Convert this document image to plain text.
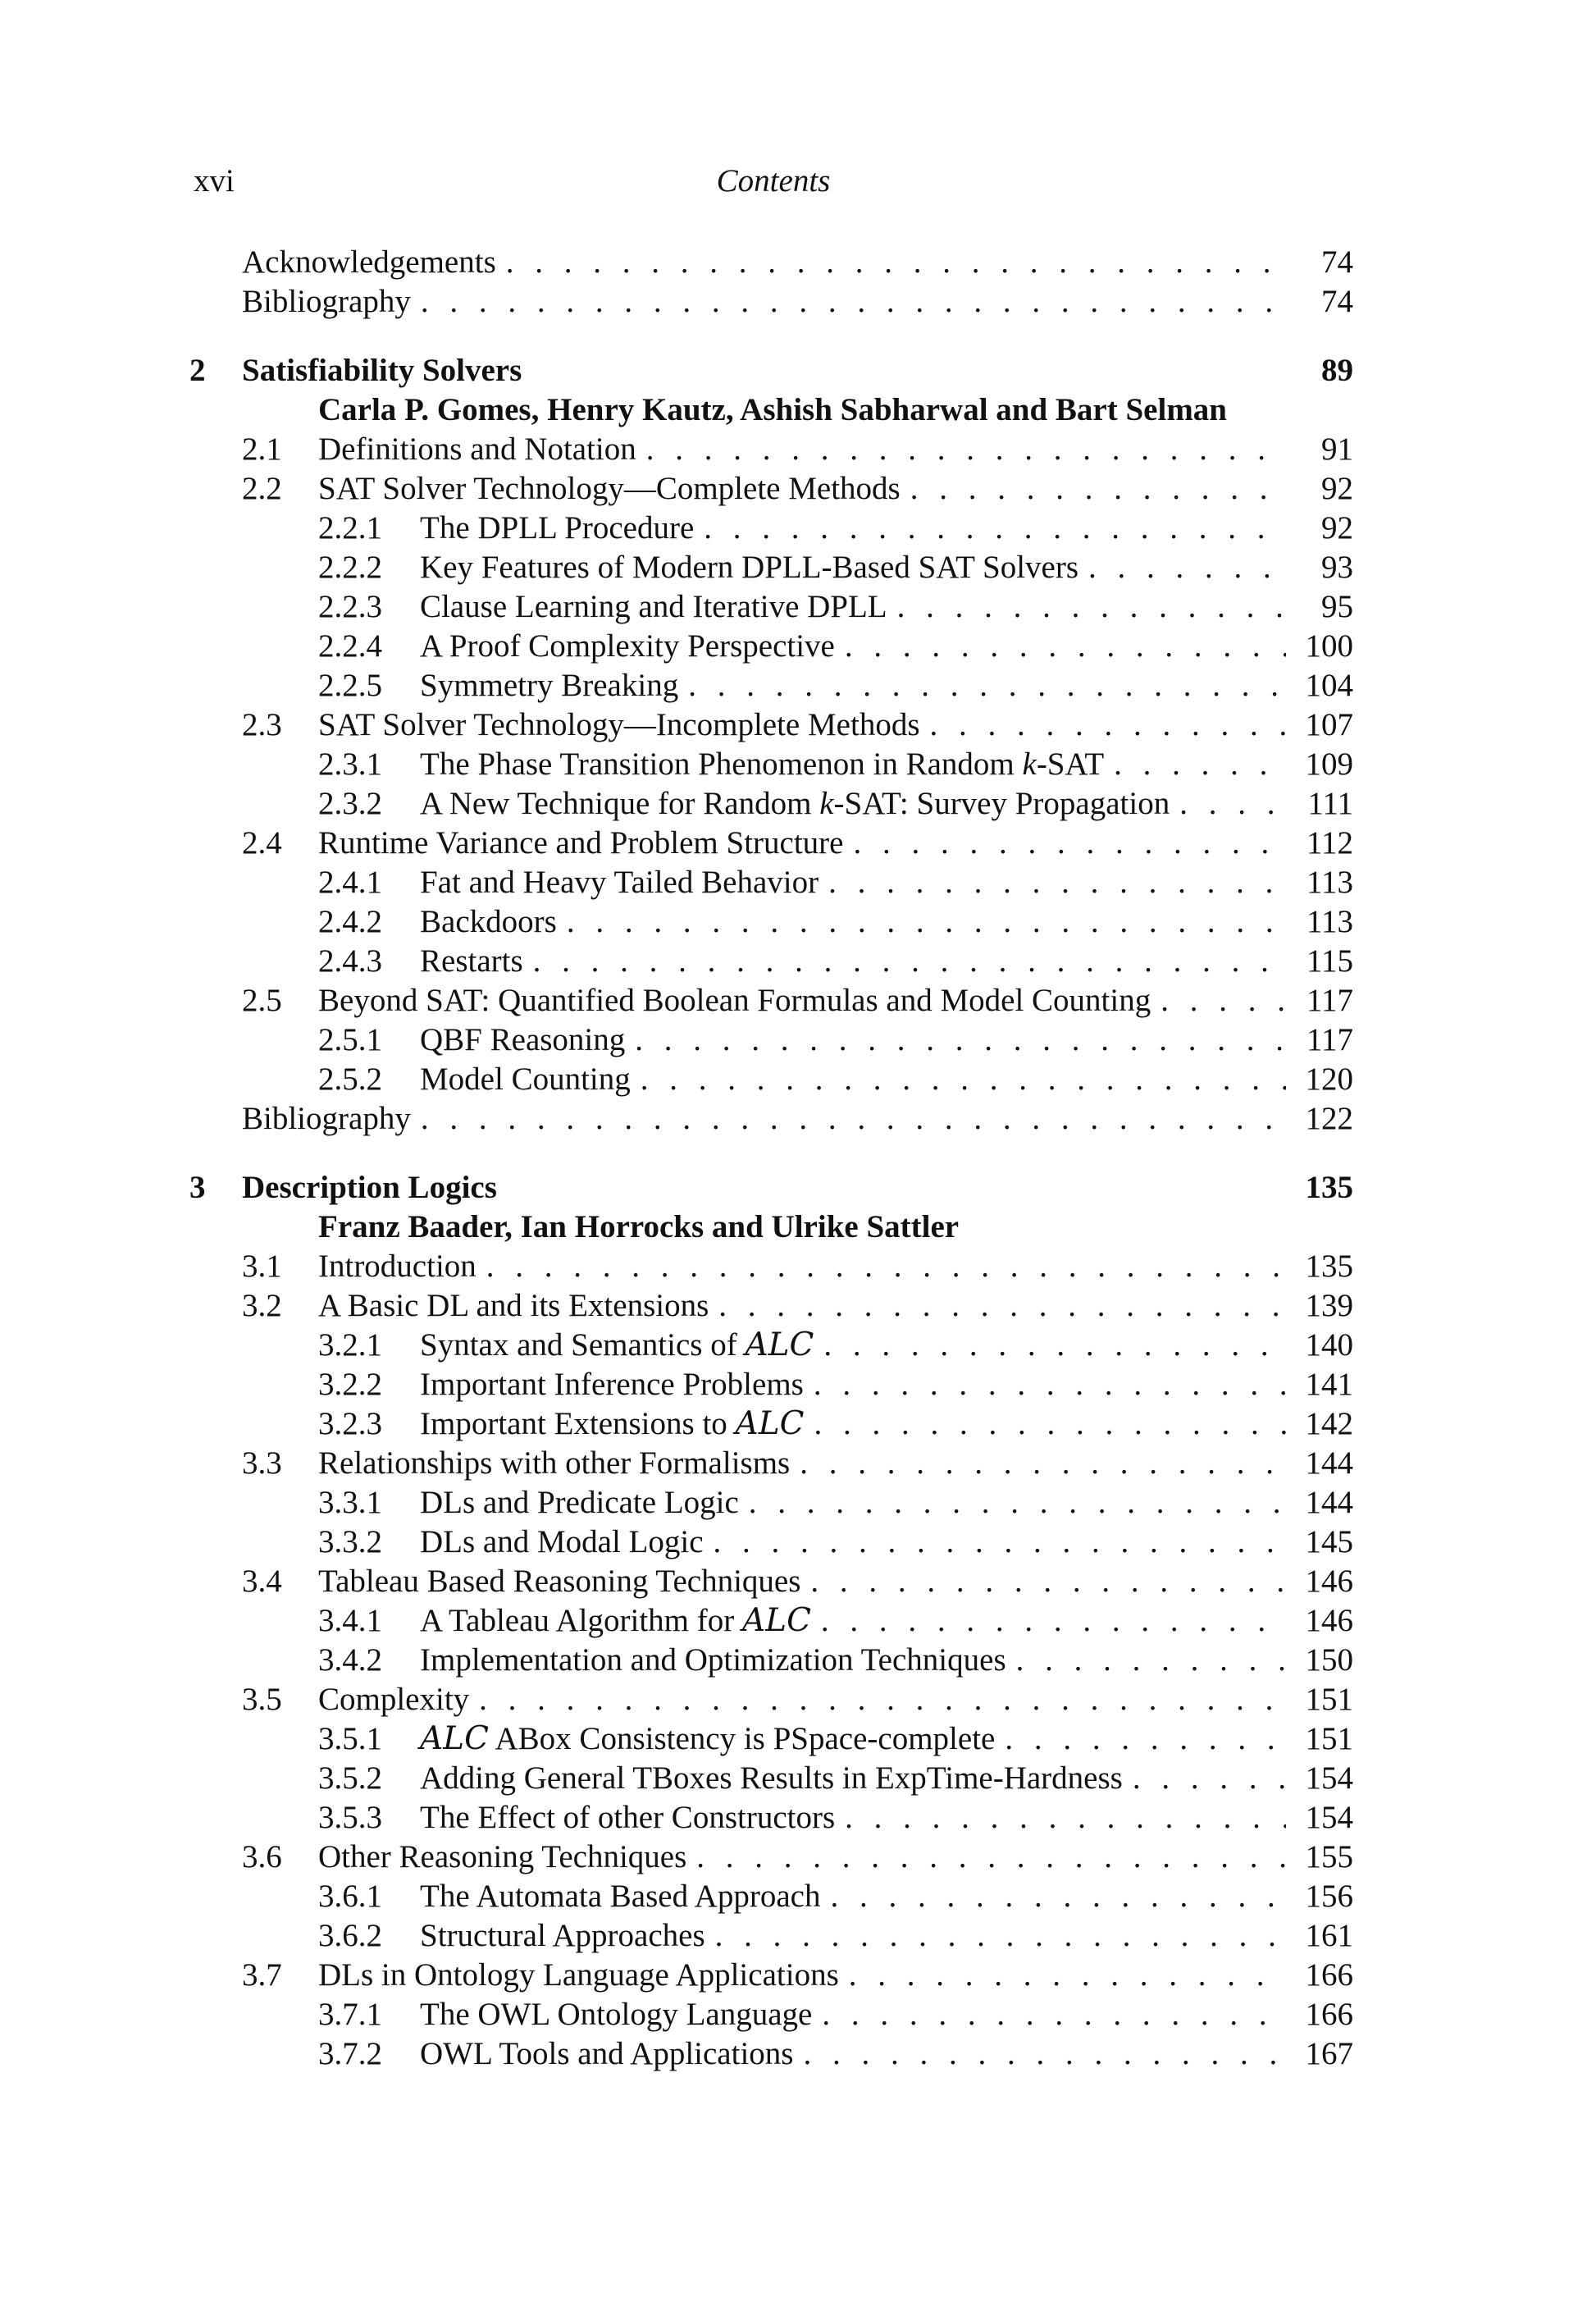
xvi	Contents
Acknowledgements . . .	74
Bibliography . . .	74
2 Satisfiability Solvers	89
Carla P. Gomes, Henry Kautz, Ashish Sabharwal and Bart Selman
2.1 Definitions and Notation . . .	91
2.2 SAT Solver Technology—Complete Methods . . .	92
2.2.1 The DPLL Procedure . . .	92
2.2.2 Key Features of Modern DPLL-Based SAT Solvers . . .	93
2.2.3 Clause Learning and Iterative DPLL . . .	95
2.2.4 A Proof Complexity Perspective . . .	100
2.2.5 Symmetry Breaking . . .	104
2.3 SAT Solver Technology—Incomplete Methods . . .	107
2.3.1 The Phase Transition Phenomenon in Random k-SAT . . .	109
2.3.2 A New Technique for Random k-SAT: Survey Propagation . . .	111
2.4 Runtime Variance and Problem Structure . . .	112
2.4.1 Fat and Heavy Tailed Behavior . . .	113
2.4.2 Backdoors . . .	113
2.4.3 Restarts . . .	115
2.5 Beyond SAT: Quantified Boolean Formulas and Model Counting . . .	117
2.5.1 QBF Reasoning . . .	117
2.5.2 Model Counting . . .	120
Bibliography . . .	122
3 Description Logics	135
Franz Baader, Ian Horrocks and Ulrike Sattler
3.1 Introduction . . .	135
3.2 A Basic DL and its Extensions . . .	139
3.2.1 Syntax and Semantics of ALC . . .	140
3.2.2 Important Inference Problems . . .	141
3.2.3 Important Extensions to ALC . . .	142
3.3 Relationships with other Formalisms . . .	144
3.3.1 DLs and Predicate Logic . . .	144
3.3.2 DLs and Modal Logic . . .	145
3.4 Tableau Based Reasoning Techniques . . .	146
3.4.1 A Tableau Algorithm for ALC . . .	146
3.4.2 Implementation and Optimization Techniques . . .	150
3.5 Complexity . . .	151
3.5.1 ALC ABox Consistency is PSpace-complete . . .	151
3.5.2 Adding General TBoxes Results in ExpTime-Hardness . . .	154
3.5.3 The Effect of other Constructors . . .	154
3.6 Other Reasoning Techniques . . .	155
3.6.1 The Automata Based Approach . . .	156
3.6.2 Structural Approaches . . .	161
3.7 DLs in Ontology Language Applications . . .	166
3.7.1 The OWL Ontology Language . . .	166
3.7.2 OWL Tools and Applications . . .	167
